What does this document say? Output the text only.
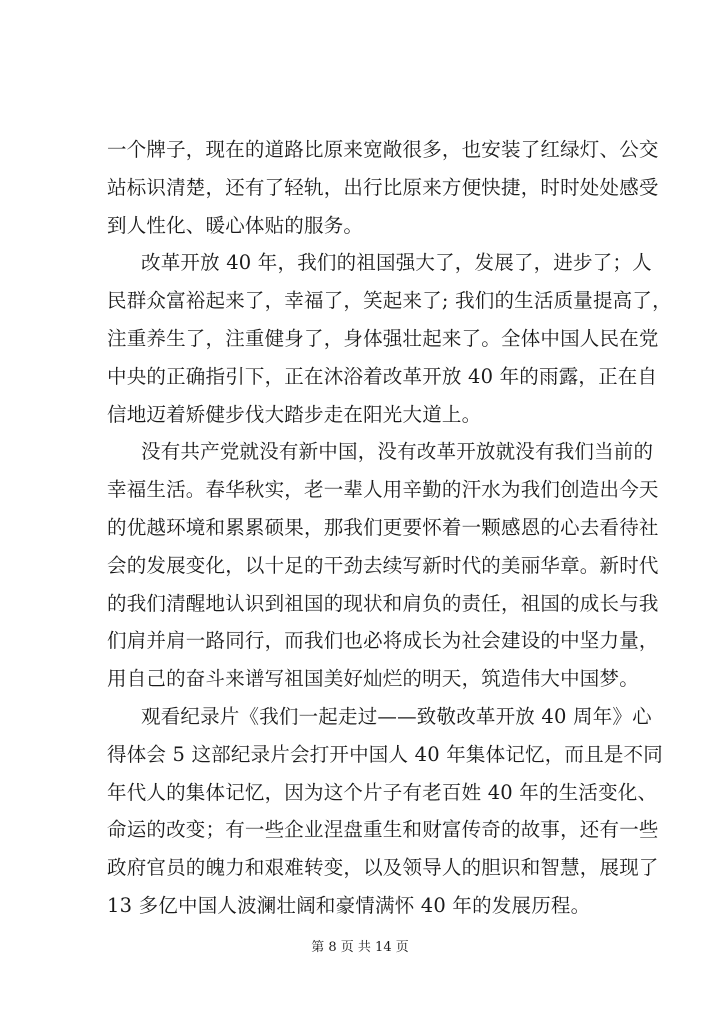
一个牌子，现在的道路比原来宽敞很多，也安装了红绿灯、公交
站标识清楚，还有了轻轨，出行比原来方便快捷，时时处处感受
到人性化、暖心体贴的服务。
改革开放 40 年，我们的祖国强大了，发展了，进步了；人
民群众富裕起来了，幸福了，笑起来了; 我们的生活质量提高了，
注重养生了，注重健身了，身体强壮起来了。全体中国人民在党
中央的正确指引下，正在沐浴着改革开放 40 年的雨露，正在自
信地迈着矫健步伐大踏步走在阳光大道上。
没有共产党就没有新中国，没有改革开放就没有我们当前的
幸福生活。春华秋实，老一辈人用辛勤的汗水为我们创造出今天
的优越环境和累累硕果，那我们更要怀着一颗感恩的心去看待社
会的发展变化，以十足的干劲去续写新时代的美丽华章。新时代
的我们清醒地认识到祖国的现状和肩负的责任，祖国的成长与我
们肩并肩一路同行，而我们也必将成长为社会建设的中坚力量，
用自己的奋斗来谱写祖国美好灿烂的明天，筑造伟大中国梦。
观看纪录片《我们一起走过——致敬改革开放 40 周年》心
得体会 5 这部纪录片会打开中国人 40 年集体记忆，而且是不同
年代人的集体记忆，因为这个片子有老百姓 40 年的生活变化、
命运的改变；有一些企业涅盘重生和财富传奇的故事，还有一些
政府官员的魄力和艰难转变，以及领导人的胆识和智慧，展现了
13 多亿中国人波澜壮阔和豪情满怀 40 年的发展历程。
第 8 页 共 14 页
